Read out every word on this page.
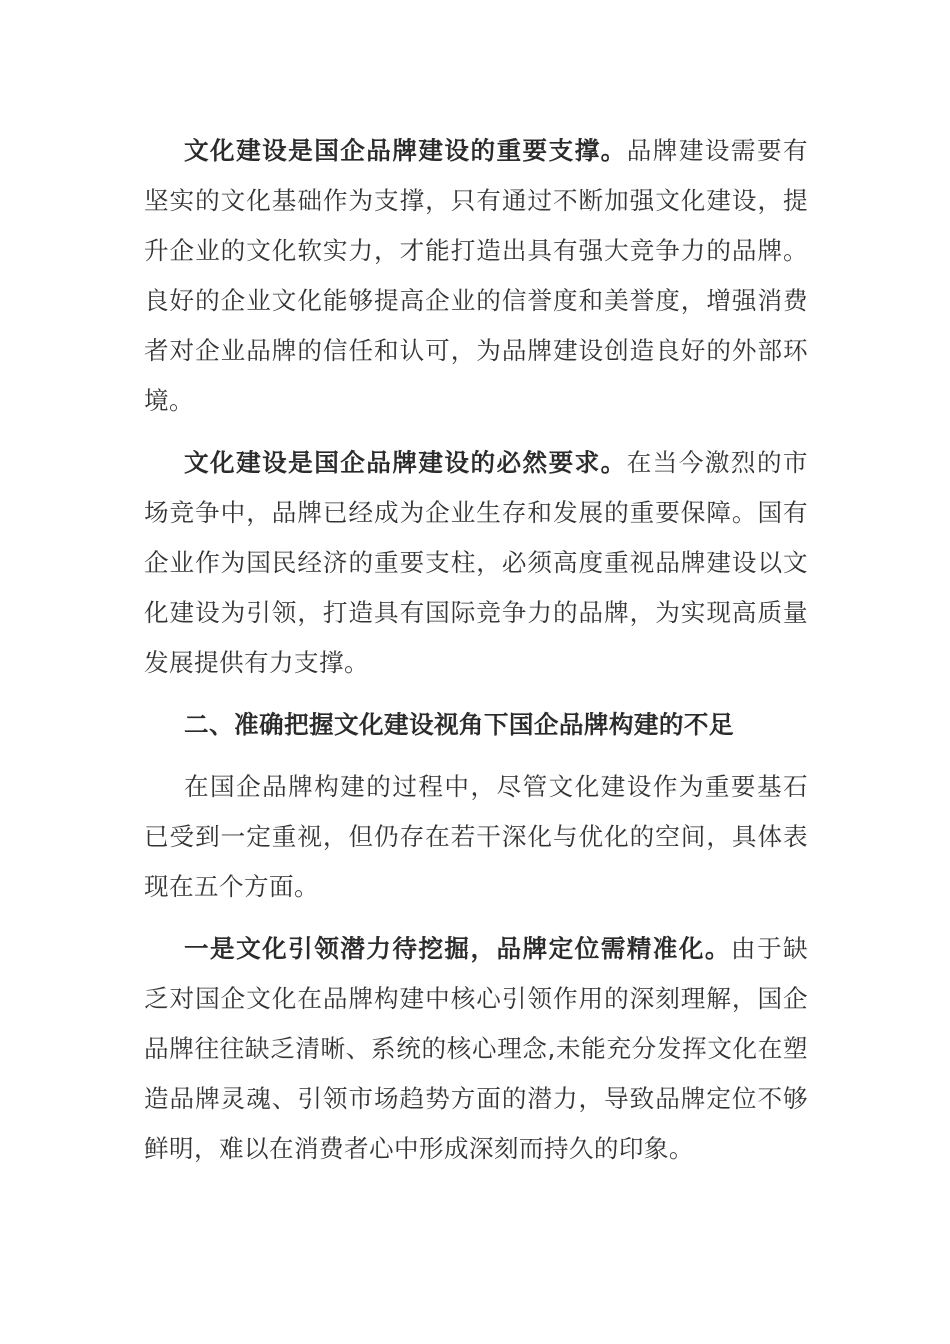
文化建设是国企品牌建设的重要支撑。品牌建设需要有坚实的文化基础作为支撑，只有通过不断加强文化建设，提升企业的文化软实力，才能打造出具有强大竞争力的品牌。良好的企业文化能够提高企业的信誉度和美誉度，增强消费者对企业品牌的信任和认可，为品牌建设创造良好的外部环境。

文化建设是国企品牌建设的必然要求。在当今激烈的市场竞争中，品牌已经成为企业生存和发展的重要保障。国有企业作为国民经济的重要支柱，必须高度重视品牌建设以文化建设为引领，打造具有国际竞争力的品牌，为实现高质量发展提供有力支撑。

二、准确把握文化建设视角下国企品牌构建的不足

在国企品牌构建的过程中，尽管文化建设作为重要基石已受到一定重视，但仍存在若干深化与优化的空间，具体表现在五个方面。

一是文化引领潜力待挖掘，品牌定位需精准化。由于缺乏对国企文化在品牌构建中核心引领作用的深刻理解，国企品牌往往缺乏清晰、系统的核心理念,未能充分发挥文化在塑造品牌灵魂、引领市场趋势方面的潜力，导致品牌定位不够鲜明，难以在消费者心中形成深刻而持久的印象。
